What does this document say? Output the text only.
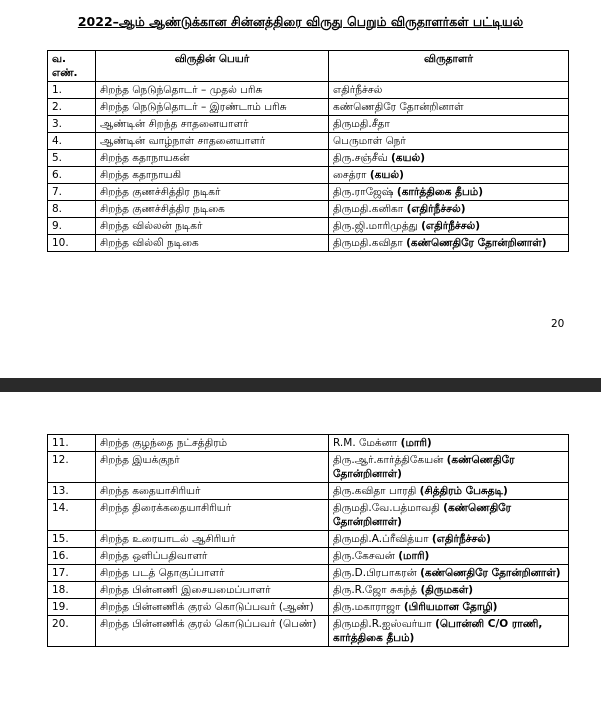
2022–ஆம் ஆண்டுக்கான சின்னத்திரை விருது பெறும் விருதாளர்கள் பட்டியல்
வ. எண்.	விருதின் பெயர்	விருதாளர்
1.	சிறந்த நெடுந்தொடர் – முதல் பரிசு	எதிர்நீச்சல்
2.	சிறந்த நெடுந்தொடர் – இரண்டாம் பரிசு	கண்ணெதிரே தோன்றினாள்
3.	ஆண்டின் சிறந்த சாதனையாளர்	திருமதி.சீதா
4.	ஆண்டின் வாழ்நாள் சாதனையாளர்	பெருமாள் நெர்
5.	சிறந்த கதாநாயகன்	திரு.சஞ்சீவ் (கயல்)
6.	சிறந்த கதாநாயகி	சைத்ரா (கயல்)
7.	சிறந்த குணச்சித்திர நடிகர்	திரு.ராஜேஷ் (கார்த்திகை தீபம்)
8.	சிறந்த குணச்சித்திர நடிகை	திருமதி.கனிகா (எதிர்நீச்சல்)
9.	சிறந்த வில்லன் நடிகர்	திரு.ஜி.மாரிமுத்து (எதிர்நீச்சல்)
10.	சிறந்த வில்லி நடிகை	திருமதி.கவிதா (கண்ணெதிரே தோன்றினாள்)
20
11.	சிறந்த குழந்தை நட்சத்திரம்	R.M. மேக்னா (மாரி)
12.	சிறந்த இயக்குநர்	திரு.ஆர்.கார்த்திகேயன் (கண்ணெதிரே தோன்றினாள்)
13.	சிறந்த கதையாசிரியர்	திரு.கவிதா பாரதி (சித்திரம் பேசுதடி)
14.	சிறந்த திரைக்கதையாசிரியர்	திருமதி.வே.பத்மாவதி (கண்ணெதிரே தோன்றினாள்)
15.	சிறந்த உரையாடல் ஆசிரியர்	திருமதி.A.ப்ரீவித்யா (எதிர்நீச்சல்)
16.	சிறந்த ஒளிப்பதிவாளர்	திரு.கேசவன் (மாரி)
17.	சிறந்த படத் தொகுப்பாளர்	திரு.D.பிரபாகரன் (கண்ணெதிரே தோன்றினாள்)
18.	சிறந்த பின்னணி இசையமைப்பாளர்	திரு.R.ஜோ சுகந்த் (திருமகள்)
19.	சிறந்த பின்னணிக் குரல் கொடுப்பவர் (ஆண்)	திரு.மகாராஜா (பிரியமான தோழி)
20.	சிறந்த பின்னணிக் குரல் கொடுப்பவர் (பெண்)	திருமதி.R.ஐஸ்வர்யா (பொன்னி C/O ராணி, கார்த்திகை தீபம்)
